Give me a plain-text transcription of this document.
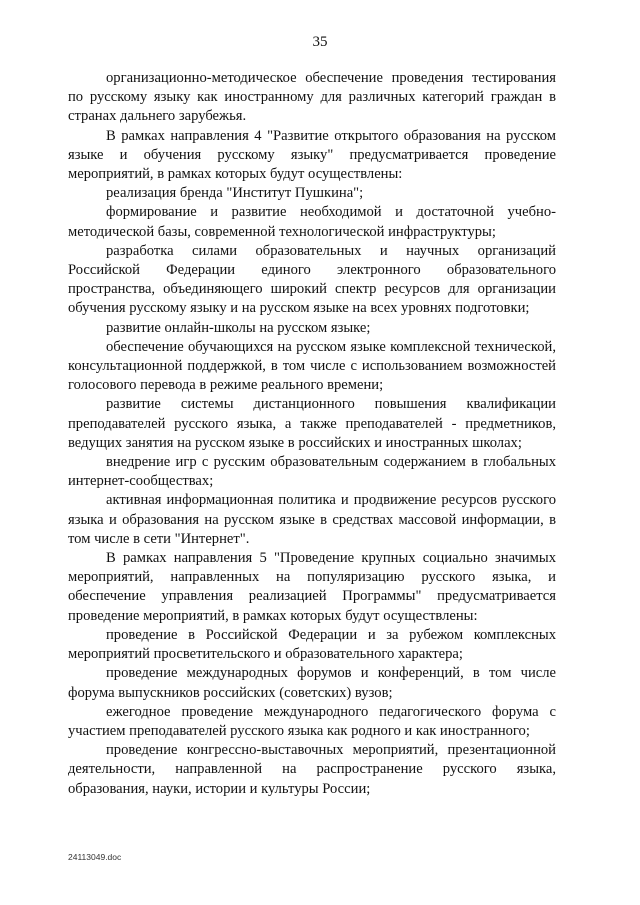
35

организационно-методическое обеспечение проведения тестирования по русскому языку как иностранному для различных категорий граждан в странах дальнего зарубежья.

В рамках направления 4 "Развитие открытого образования на русском языке и обучения русскому языку" предусматривается проведение мероприятий, в рамках которых будут осуществлены:

реализация бренда "Институт Пушкина";

формирование и развитие необходимой и достаточной учебно-методической базы, современной технологической инфраструктуры;

разработка силами образовательных и научных организаций Российской Федерации единого электронного образовательного пространства, объединяющего широкий спектр ресурсов для организации обучения русскому языку и на русском языке на всех уровнях подготовки;

развитие онлайн-школы на русском языке;

обеспечение обучающихся на русском языке комплексной технической, консультационной поддержкой, в том числе с использованием возможностей голосового перевода в режиме реального времени;

развитие системы дистанционного повышения квалификации преподавателей русского языка, а также преподавателей - предметников, ведущих занятия на русском языке в российских и иностранных школах;

внедрение игр с русским образовательным содержанием в глобальных интернет-сообществах;

активная информационная политика и продвижение ресурсов русского языка и образования на русском языке в средствах массовой информации, в том числе в сети "Интернет".

В рамках направления 5 "Проведение крупных социально значимых мероприятий, направленных на популяризацию русского языка, и обеспечение управления реализацией Программы" предусматривается проведение мероприятий, в рамках которых будут осуществлены:

проведение в Российской Федерации и за рубежом комплексных мероприятий просветительского и образовательного характера;

проведение международных форумов и конференций, в том числе форума выпускников российских (советских) вузов;

ежегодное проведение международного педагогического форума с участием преподавателей русского языка как родного и как иностранного;

проведение конгрессно-выставочных мероприятий, презентационной деятельности, направленной на распространение русского языка, образования, науки, истории и культуры России;

24113049.doc
